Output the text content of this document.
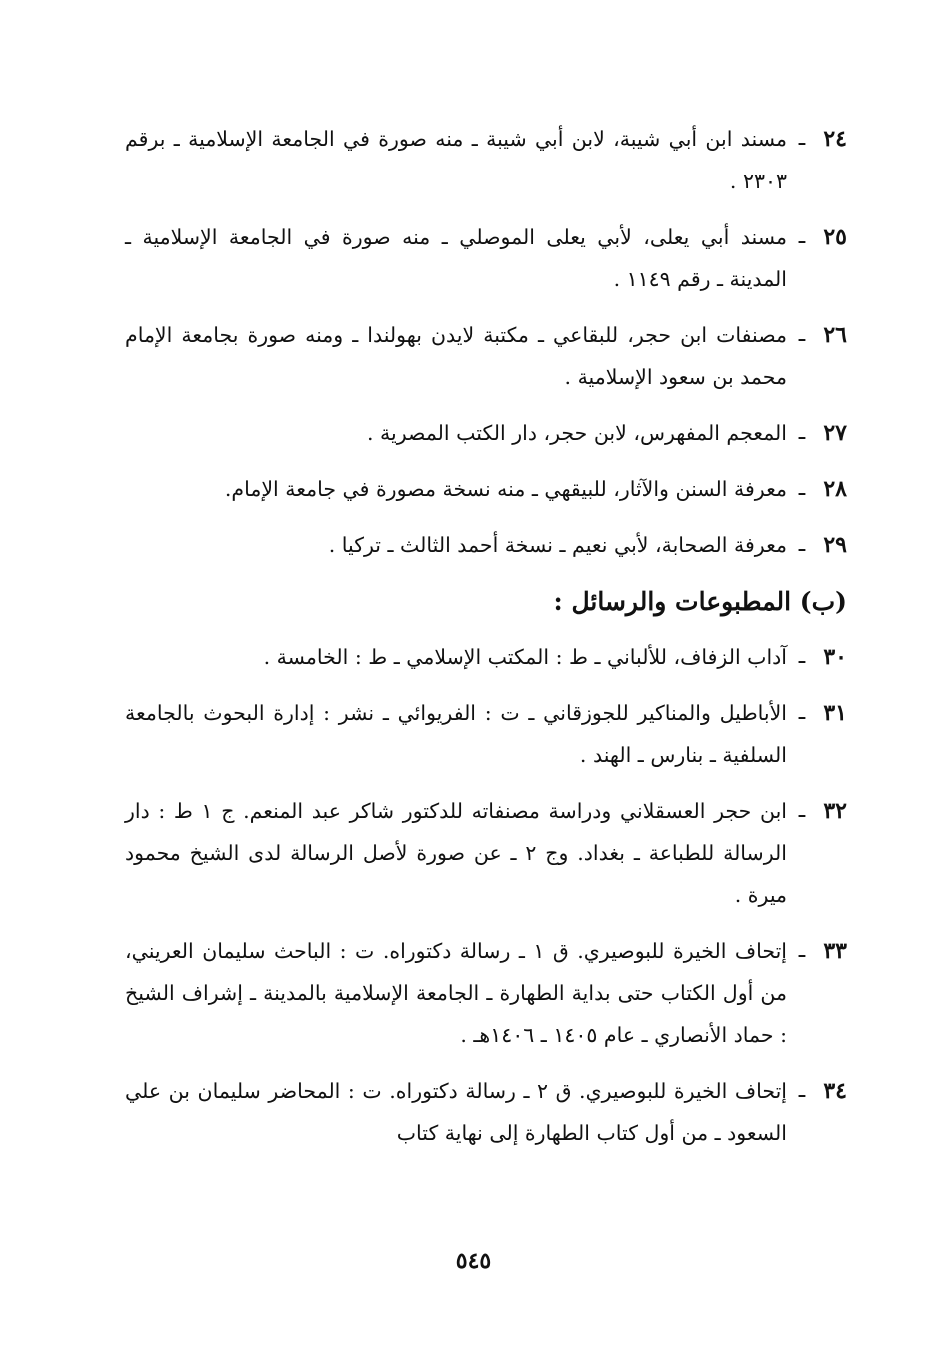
٢٤
ـ
مسند ابن أبي شيبة، لابن أبي شيبة ـ منه صورة في الجامعة الإسلامية ـ برقم ٢٣٠٣ .
٢٥
ـ
مسند أبي يعلى، لأبي يعلى الموصلي ـ منه صورة في الجامعة الإسلامية ـ المدينة ـ رقم ١١٤٩ .
٢٦
ـ
مصنفات ابن حجر، للبقاعي ـ مكتبة لايدن بهولندا ـ ومنه صورة بجامعة الإمام محمد بن سعود الإسلامية .
٢٧
ـ
المعجم المفهرس، لابن حجر، دار الكتب المصرية .
٢٨
ـ
معرفة السنن والآثار، للبيقهي ـ منه نسخة مصورة في جامعة الإمام.
٢٩
ـ
معرفة الصحابة، لأبي نعيم ـ نسخة أحمد الثالث ـ تركيا .
(ب) المطبوعات والرسائل :
٣٠
ـ
آداب الزفاف، للألباني ـ ط : المكتب الإسلامي ـ ط : الخامسة .
٣١
ـ
الأباطيل والمناكير للجوزقاني ـ ت : الفريوائي ـ نشر : إدارة البحوث بالجامعة السلفية ـ بنارس ـ الهند .
٣٢
ـ
ابن حجر العسقلاني ودراسة مصنفاته للدكتور شاكر عبد المنعم. ج ١ ط : دار الرسالة للطباعة ـ بغداد. وج ٢ ـ عن صورة لأصل الرسالة لدى الشيخ محمود ميرة .
٣٣
ـ
إتحاف الخيرة للبوصيري. ق ١ ـ رسالة دكتوراه. ت : الباحث سليمان العريني، من أول الكتاب حتى بداية الطهارة ـ الجامعة الإسلامية بالمدينة ـ إشراف الشيخ : حماد الأنصاري ـ عام ١٤٠٥ ـ ١٤٠٦هـ .
٣٤
ـ
إتحاف الخيرة للبوصيري. ق ٢ ـ رسالة دكتوراه. ت : المحاضر سليمان بن علي السعود ـ من أول كتاب الطهارة إلى نهاية كتاب
٥٤٥
